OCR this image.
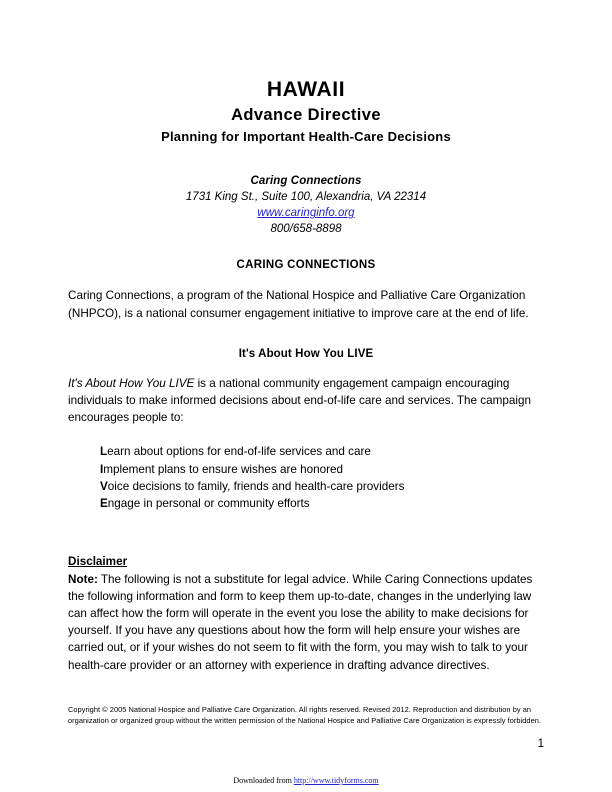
HAWAII
Advance Directive
Planning for Important Health-Care Decisions
Caring Connections
1731 King St., Suite 100, Alexandria, VA 22314
www.caringinfo.org
800/658-8898
CARING CONNECTIONS
Caring Connections, a program of the National Hospice and Palliative Care Organization (NHPCO), is a national consumer engagement initiative to improve care at the end of life.
It's About How You LIVE
It's About How You LIVE is a national community engagement campaign encouraging individuals to make informed decisions about end-of-life care and services. The campaign encourages people to:
Learn about options for end-of-life services and care
Implement plans to ensure wishes are honored
Voice decisions to family, friends and health-care providers
Engage in personal or community efforts
Disclaimer
Note: The following is not a substitute for legal advice. While Caring Connections updates the following information and form to keep them up-to-date, changes in the underlying law can affect how the form will operate in the event you lose the ability to make decisions for yourself. If you have any questions about how the form will help ensure your wishes are carried out, or if your wishes do not seem to fit with the form, you may wish to talk to your health-care provider or an attorney with experience in drafting advance directives.
Copyright © 2005 National Hospice and Palliative Care Organization. All rights reserved. Revised 2012. Reproduction and distribution by an organization or organized group without the written permission of the National Hospice and Palliative Care Organization is expressly forbidden.
1
Downloaded from http://www.tidyforms.com
